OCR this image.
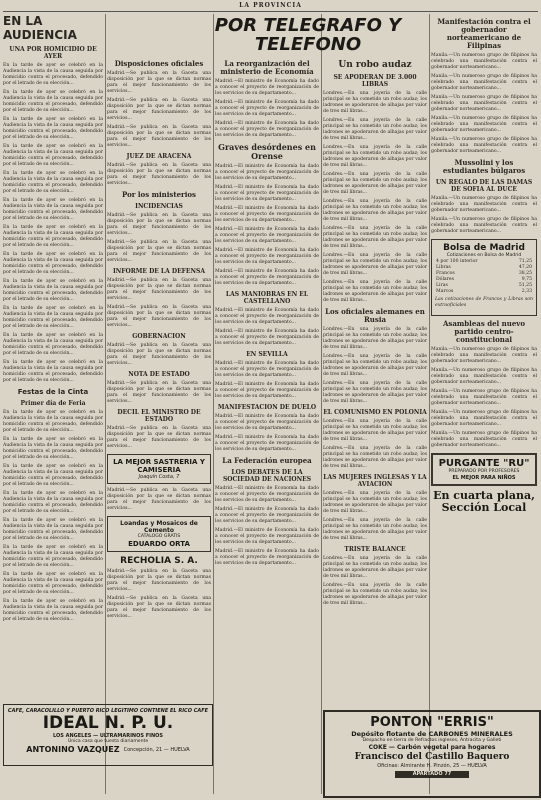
LA PROVINCIA
EN LA AUDIENCIA
UNA POR HOMICIDIO DE AYER

En la tarde de ayer se celebró en la Audiencia la vista de la causa seguida por homicidio contra el procesado, defendido por el letrado de su elección...

En la tarde de ayer se celebró en la Audiencia la vista de la causa seguida por homicidio contra el procesado, defendido por el letrado de su elección...

En la tarde de ayer se celebró en la Audiencia la vista de la causa seguida por homicidio contra el procesado, defendido por el letrado de su elección...

En la tarde de ayer se celebró en la Audiencia la vista de la causa seguida por homicidio contra el procesado, defendido por el letrado de su elección...

En la tarde de ayer se celebró en la Audiencia la vista de la causa seguida por homicidio contra el procesado, defendido por el letrado de su elección...

En la tarde de ayer se celebró en la Audiencia la vista de la causa seguida por homicidio contra el procesado, defendido por el letrado de su elección...

En la tarde de ayer se celebró en la Audiencia la vista de la causa seguida por homicidio contra el procesado, defendido por el letrado de su elección...

En la tarde de ayer se celebró en la Audiencia la vista de la causa seguida por homicidio contra el procesado, defendido por el letrado de su elección...

En la tarde de ayer se celebró en la Audiencia la vista de la causa seguida por homicidio contra el procesado, defendido por el letrado de su elección...

En la tarde de ayer se celebró en la Audiencia la vista de la causa seguida por homicidio contra el procesado, defendido por el letrado de su elección...

En la tarde de ayer se celebró en la Audiencia la vista de la causa seguida por homicidio contra el procesado, defendido por el letrado de su elección...

En la tarde de ayer se celebró en la Audiencia la vista de la causa seguida por homicidio contra el procesado, defendido por el letrado de su elección...

Festas de la Cinta
Primer día de Feria

En la tarde de ayer se celebró en la Audiencia la vista de la causa seguida por homicidio contra el procesado, defendido por el letrado de su elección...

En la tarde de ayer se celebró en la Audiencia la vista de la causa seguida por homicidio contra el procesado, defendido por el letrado de su elección...

En la tarde de ayer se celebró en la Audiencia la vista de la causa seguida por homicidio contra el procesado, defendido por el letrado de su elección...

En la tarde de ayer se celebró en la Audiencia la vista de la causa seguida por homicidio contra el procesado, defendido por el letrado de su elección...

En la tarde de ayer se celebró en la Audiencia la vista de la causa seguida por homicidio contra el procesado, defendido por el letrado de su elección...

En la tarde de ayer se celebró en la Audiencia la vista de la causa seguida por homicidio contra el procesado, defendido por el letrado de su elección...

En la tarde de ayer se celebró en la Audiencia la vista de la causa seguida por homicidio contra el procesado, defendido por el letrado de su elección...

En la tarde de ayer se celebró en la Audiencia la vista de la causa seguida por homicidio contra el procesado, defendido por el letrado de su elección...

POR TELEGRAFO Y TELEFONO
Disposiciones oficiales

Madrid.—Se publica en la Gaceta una disposición por la que se dictan normas para el mejor funcionamiento de los servicios...

Madrid.—Se publica en la Gaceta una disposición por la que se dictan normas para el mejor funcionamiento de los servicios...

Madrid.—Se publica en la Gaceta una disposición por la que se dictan normas para el mejor funcionamiento de los servicios...

JUEZ DE ARACENA

Madrid.—Se publica en la Gaceta una disposición por la que se dictan normas para el mejor funcionamiento de los servicios...

Por los ministerios
INCIDENCIAS

Madrid.—Se publica en la Gaceta una disposición por la que se dictan normas para el mejor funcionamiento de los servicios...

Madrid.—Se publica en la Gaceta una disposición por la que se dictan normas para el mejor funcionamiento de los servicios...

INFORME DE LA DEFENSA

Madrid.—Se publica en la Gaceta una disposición por la que se dictan normas para el mejor funcionamiento de los servicios...

Madrid.—Se publica en la Gaceta una disposición por la que se dictan normas para el mejor funcionamiento de los servicios...

GOBERNACION

Madrid.—Se publica en la Gaceta una disposición por la que se dictan normas para el mejor funcionamiento de los servicios...

NOTA DE ESTADO

Madrid.—Se publica en la Gaceta una disposición por la que se dictan normas para el mejor funcionamiento de los servicios...

DECIL EL MINISTRO DE ESTADO

Madrid.—Se publica en la Gaceta una disposición por la que se dictan normas para el mejor funcionamiento de los servicios...

LA MEJOR SASTRERIA Y CAMISERIA
Joaquín Costa, 7

Madrid.—Se publica en la Gaceta una disposición por la que se dictan normas para el mejor funcionamiento de los servicios...

Loandas y Mosaicos de Cemento
CATALOGO GRATIS
EDUARDO ORTA
RECHOLIA S. A.

Madrid.—Se publica en la Gaceta una disposición por la que se dictan normas para el mejor funcionamiento de los servicios...

Madrid.—Se publica en la Gaceta una disposición por la que se dictan normas para el mejor funcionamiento de los servicios...

La reorganización del ministerio de Economía

Madrid.—El ministro de Economía ha dado a conocer el proyecto de reorganización de los servicios de su departamento...

Madrid.—El ministro de Economía ha dado a conocer el proyecto de reorganización de los servicios de su departamento...

Madrid.—El ministro de Economía ha dado a conocer el proyecto de reorganización de los servicios de su departamento...

Graves desórdenes en Orense

Madrid.—El ministro de Economía ha dado a conocer el proyecto de reorganización de los servicios de su departamento...

Madrid.—El ministro de Economía ha dado a conocer el proyecto de reorganización de los servicios de su departamento...

Madrid.—El ministro de Economía ha dado a conocer el proyecto de reorganización de los servicios de su departamento...

Madrid.—El ministro de Economía ha dado a conocer el proyecto de reorganización de los servicios de su departamento...

Madrid.—El ministro de Economía ha dado a conocer el proyecto de reorganización de los servicios de su departamento...

Madrid.—El ministro de Economía ha dado a conocer el proyecto de reorganización de los servicios de su departamento...

LAS MANIOBRAS EN EL CASTELLANO

Madrid.—El ministro de Economía ha dado a conocer el proyecto de reorganización de los servicios de su departamento...

Madrid.—El ministro de Economía ha dado a conocer el proyecto de reorganización de los servicios de su departamento...

EN SEVILLA

Madrid.—El ministro de Economía ha dado a conocer el proyecto de reorganización de los servicios de su departamento...

Madrid.—El ministro de Economía ha dado a conocer el proyecto de reorganización de los servicios de su departamento...

MANIFESTACION DE DUELO

Madrid.—El ministro de Economía ha dado a conocer el proyecto de reorganización de los servicios de su departamento...

Madrid.—El ministro de Economía ha dado a conocer el proyecto de reorganización de los servicios de su departamento...

La Federación europea
LOS DEBATES DE LA SOCIEDAD DE NACIONES

Madrid.—El ministro de Economía ha dado a conocer el proyecto de reorganización de los servicios de su departamento...

Madrid.—El ministro de Economía ha dado a conocer el proyecto de reorganización de los servicios de su departamento...

Madrid.—El ministro de Economía ha dado a conocer el proyecto de reorganización de los servicios de su departamento...

Madrid.—El ministro de Economía ha dado a conocer el proyecto de reorganización de los servicios de su departamento...

Un robo audaz
SE APODERAN DE 3.000 LIBRAS

Londres.—En una joyería de la calle principal se ha cometido un robo audaz; los ladrones se apoderaron de alhajas por valor de tres mil libras...

Londres.—En una joyería de la calle principal se ha cometido un robo audaz; los ladrones se apoderaron de alhajas por valor de tres mil libras...

Londres.—En una joyería de la calle principal se ha cometido un robo audaz; los ladrones se apoderaron de alhajas por valor de tres mil libras...

Londres.—En una joyería de la calle principal se ha cometido un robo audaz; los ladrones se apoderaron de alhajas por valor de tres mil libras...

Londres.—En una joyería de la calle principal se ha cometido un robo audaz; los ladrones se apoderaron de alhajas por valor de tres mil libras...

Londres.—En una joyería de la calle principal se ha cometido un robo audaz; los ladrones se apoderaron de alhajas por valor de tres mil libras...

Londres.—En una joyería de la calle principal se ha cometido un robo audaz; los ladrones se apoderaron de alhajas por valor de tres mil libras...

Londres.—En una joyería de la calle principal se ha cometido un robo audaz; los ladrones se apoderaron de alhajas por valor de tres mil libras...

Los oficiales alemanes en Rusia

Londres.—En una joyería de la calle principal se ha cometido un robo audaz; los ladrones se apoderaron de alhajas por valor de tres mil libras...

Londres.—En una joyería de la calle principal se ha cometido un robo audaz; los ladrones se apoderaron de alhajas por valor de tres mil libras...

Londres.—En una joyería de la calle principal se ha cometido un robo audaz; los ladrones se apoderaron de alhajas por valor de tres mil libras...

EL COMUNISMO EN POLONIA

Londres.—En una joyería de la calle principal se ha cometido un robo audaz; los ladrones se apoderaron de alhajas por valor de tres mil libras...

Londres.—En una joyería de la calle principal se ha cometido un robo audaz; los ladrones se apoderaron de alhajas por valor de tres mil libras...

LAS MUJERES INGLESAS Y LA AVIACION

Londres.—En una joyería de la calle principal se ha cometido un robo audaz; los ladrones se apoderaron de alhajas por valor de tres mil libras...

Londres.—En una joyería de la calle principal se ha cometido un robo audaz; los ladrones se apoderaron de alhajas por valor de tres mil libras...

TRISTE BALANCE

Londres.—En una joyería de la calle principal se ha cometido un robo audaz; los ladrones se apoderaron de alhajas por valor de tres mil libras...

Londres.—En una joyería de la calle principal se ha cometido un robo audaz; los ladrones se apoderaron de alhajas por valor de tres mil libras...

Manifestación contra el gobernador norteamericano de Filipinas

Manila.—Un numeroso grupo de filipinos ha celebrado una manifestación contra el gobernador norteamericano...

Manila.—Un numeroso grupo de filipinos ha celebrado una manifestación contra el gobernador norteamericano...

Manila.—Un numeroso grupo de filipinos ha celebrado una manifestación contra el gobernador norteamericano...

Manila.—Un numeroso grupo de filipinos ha celebrado una manifestación contra el gobernador norteamericano...

Manila.—Un numeroso grupo de filipinos ha celebrado una manifestación contra el gobernador norteamericano...

Mussolini y los estudiantes búlgaros
UN REGALO DE LAS DAMAS DE SOFIA AL DUCE

Manila.—Un numeroso grupo de filipinos ha celebrado una manifestación contra el gobernador norteamericano...

Manila.—Un numeroso grupo de filipinos ha celebrado una manifestación contra el gobernador norteamericano...

Bolsa de Madrid
Cotizaciones en Bolsa de Madrid
4 por 100 interior	71,25
Libras	47,20
Francos	38,25
Dólares	9,75
Liras	51,25
Marcos	2,33

Las cotizaciones de Francos y Libras son extraoficiales

Asambleas del nuevo partido centro-constitucional

Manila.—Un numeroso grupo de filipinos ha celebrado una manifestación contra el gobernador norteamericano...

Manila.—Un numeroso grupo de filipinos ha celebrado una manifestación contra el gobernador norteamericano...

Manila.—Un numeroso grupo de filipinos ha celebrado una manifestación contra el gobernador norteamericano...

Manila.—Un numeroso grupo de filipinos ha celebrado una manifestación contra el gobernador norteamericano...

Manila.—Un numeroso grupo de filipinos ha celebrado una manifestación contra el gobernador norteamericano...

PURGANTE "RU"
PREPARADO POR PROFESORES
EL MEJOR PARA NIÑOS
En cuarta plana, Sección Local
CAFE, CARACOLILLO Y PUERTO RICO LEGITIMO CONTIENE EL RICO CAFE
IDEAL N. P. U.
LOS ANGELES — ULTRAMARINOS FINOS
Única casa que tuesta diariamente
ANTONINO VAZQUEZ Concepción, 21 — HUELVA
PONTON "ERRIS"
Depósito flotante de CARBONES MINERALES
Despacho en tierra de Refractos ingleses, Antracita y Galleti
COKE — Carbón vegetal para hogares
Francisco del Castillo Baquero
Oficinas: Almirante H. Pinzón, 25 — HUELVA
APARTADO 77
